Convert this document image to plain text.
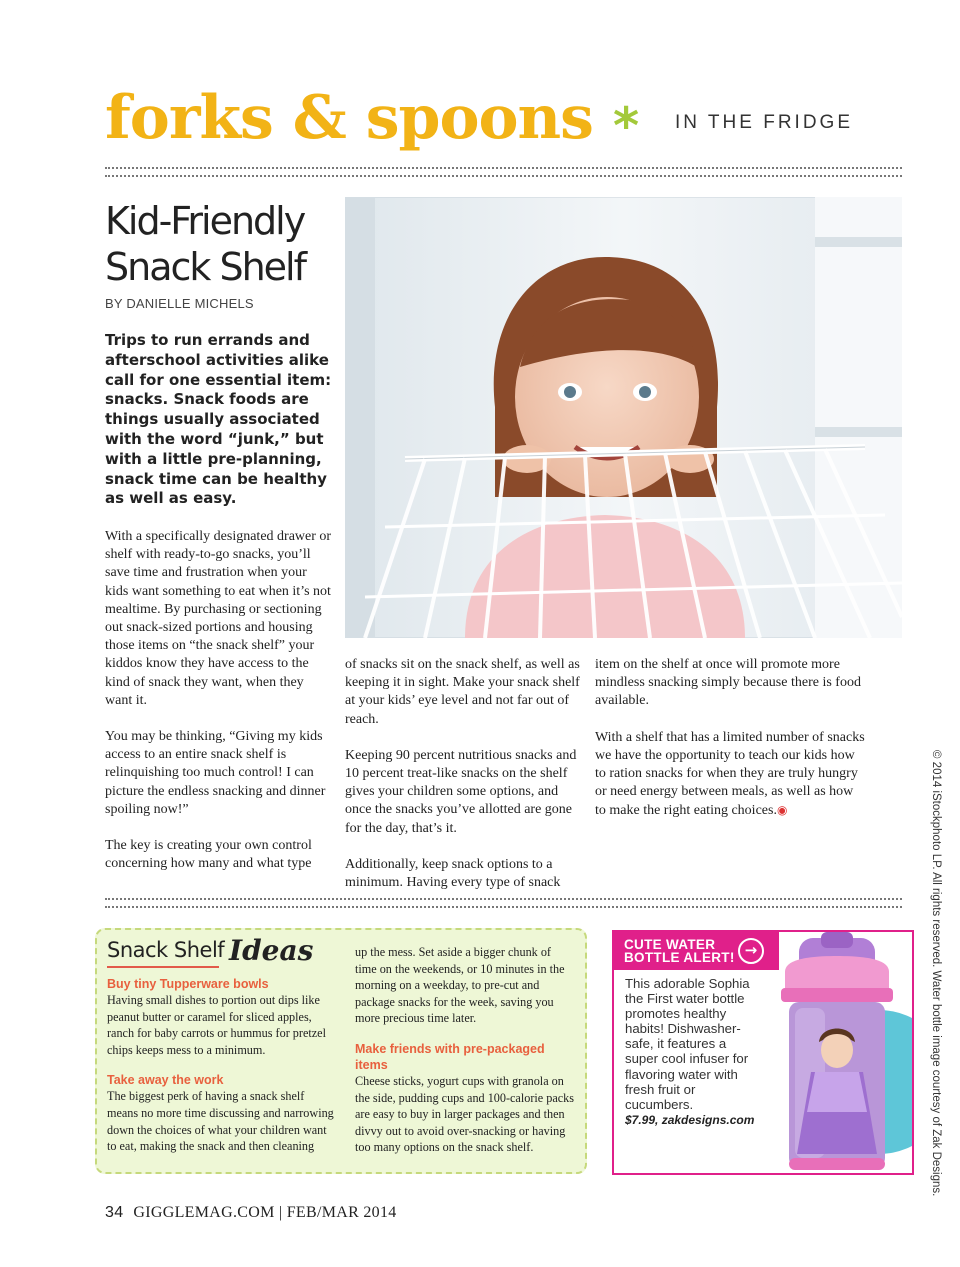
forks & spoons * IN THE FRIDGE
Kid-Friendly
Snack Shelf
BY DANIELLE MICHELS
Trips to run errands and afterschool activities alike call for one essential item: snacks. Snack foods are things usually associated with the word “junk,” but with a little pre-planning, snack time can be healthy as well as easy.

With a specifically designated drawer or shelf with ready-to-go snacks, you’ll save time and frustration when your kids want something to eat when it’s not mealtime. By purchasing or sectioning out snack-sized portions and housing those items on “the snack shelf” your kiddos know they have access to the kind of snack they want, when they want it.

You may be thinking, “Giving my kids access to an entire snack shelf is relinquishing too much control! I can picture the endless snacking and dinner spoiling now!”

The key is creating your own control concerning how many and what type

of snacks sit on the snack shelf, as well as keeping it in sight. Make your snack shelf at your kids’ eye level and not far out of reach.

Keeping 90 percent nutritious snacks and 10 percent treat-like snacks on the shelf gives your children some options, and once the snacks you’ve allotted are gone for the day, that’s it.

Additionally, keep snack options to a minimum. Having every type of snack

item on the shelf at once will promote more mindless snacking simply because there is food available.

With a shelf that has a limited number of snacks we have the opportunity to teach our kids how to ration snacks for when they are truly hungry or need energy between meals, as well as how to make the right eating choices.◉	© 2014 iStockphoto LP. All rights reserved. Water bottle image courtesy of Zak Designs.
Snack Shelf Ideas
Buy tiny Tupperware bowls

Having small dishes to portion out dips like peanut butter or caramel for sliced apples, ranch for baby carrots or hummus for pretzel chips keeps mess to a minimum.

Take away the work

The biggest perk of having a snack shelf means no more time discussing and narrowing down the choices of what your children want to eat, making the snack and then cleaning

up the mess. Set aside a bigger chunk of time on the weekends, or 10 minutes in the morning on a weekday, to pre-cut and package snacks for the week, saving you more precious time later.

Make friends with pre-packaged items

Cheese sticks, yogurt cups with granola on the side, pudding cups and 100-calorie packs are easy to buy in larger packages and then divvy out to avoid over-snacking or having too many options on the snack shelf.

CUTE WATER
BOTTLE ALERT! →
This adorable Sophia the First water bottle promotes healthy habits! Dishwasher-safe, it features a super cool infuser for flavoring water with fresh fruit or cucumbers.
$7.99, zakdesigns.com
34 GIGGLEMAG.COM | FEB/MAR 2014
